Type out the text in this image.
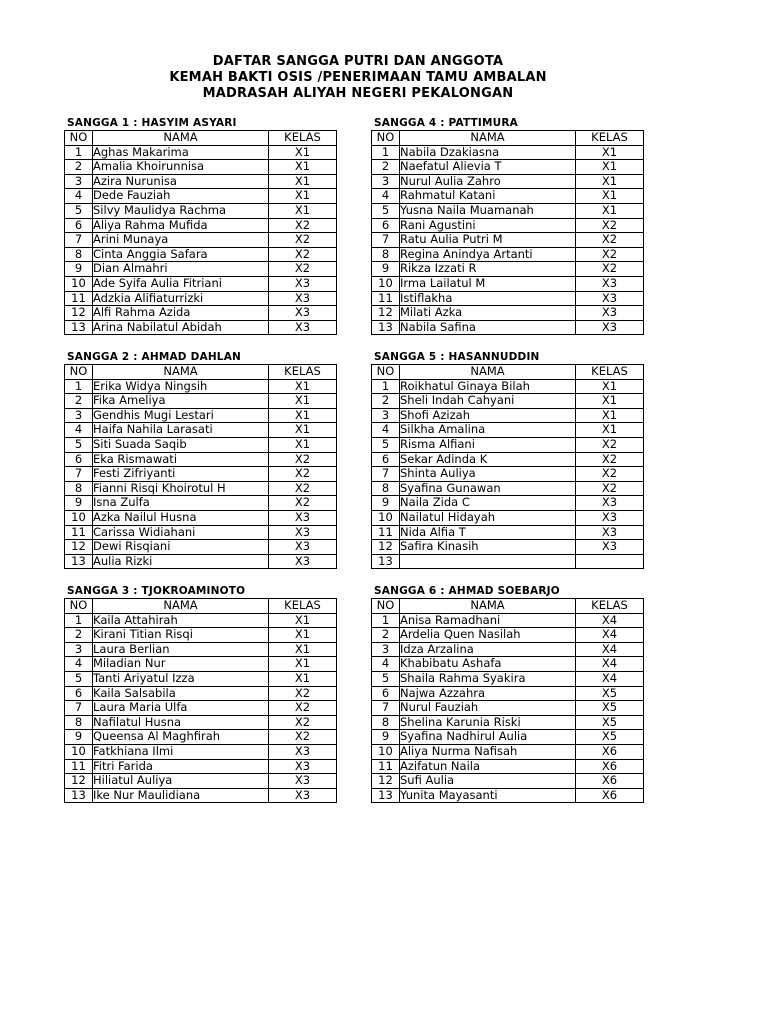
DAFTAR SANGGA PUTRI DAN ANGGOTA
KEMAH BAKTI OSIS /PENERIMAAN TAMU AMBALAN
MADRASAH ALIYAH NEGERI PEKALONGAN
SANGGA 1 : HASYIM ASYARI
NO	NAMA	KELAS
1	Aghas Makarima	X1
2	Amalia Khoirunnisa	X1
3	Azira Nurunisa	X1
4	Dede Fauziah	X1
5	Silvy Maulidya Rachma	X1
6	Aliya Rahma Mufida	X2
7	Arini Munaya	X2
8	Cinta Anggia Safara	X2
9	Dian Almahri	X2
10	Ade Syifa Aulia Fitriani	X3
11	Adzkia Alifiaturrizki	X3
12	Alfi Rahma Azida	X3
13	Arina Nabilatul Abidah	X3
SANGGA 4 : PATTIMURA
NO	NAMA	KELAS
1	Nabila Dzakiasna	X1
2	Naefatul Alievia T	X1
3	Nurul Aulia Zahro	X1
4	Rahmatul Katani	X1
5	Yusna Naila Muamanah	X1
6	Rani Agustini	X2
7	Ratu Aulia Putri M	X2
8	Regina Anindya Artanti	X2
9	Rikza Izzati R	X2
10	Irma Lailatul M	X3
11	Istiflakha	X3
12	Milati Azka	X3
13	Nabila Safina	X3
SANGGA 2 : AHMAD DAHLAN
NO	NAMA	KELAS
1	Erika Widya Ningsih	X1
2	Fika Ameliya	X1
3	Gendhis Mugi Lestari	X1
4	Haifa Nahila Larasati	X1
5	Siti Suada Saqib	X1
6	Eka Rismawati	X2
7	Festi Zifriyanti	X2
8	Fianni Risqi Khoirotul H	X2
9	Isna Zulfa	X2
10	Azka Nailul Husna	X3
11	Carissa Widiahani	X3
12	Dewi Risqiani	X3
13	Aulia Rizki	X3
SANGGA 5 : HASANNUDDIN
NO	NAMA	KELAS
1	Roikhatul Ginaya Bilah	X1
2	Sheli Indah Cahyani	X1
3	Shofi Azizah	X1
4	Silkha Amalina	X1
5	Risma Alfiani	X2
6	Sekar Adinda K	X2
7	Shinta Auliya	X2
8	Syafina Gunawan	X2
9	Naila Zida C	X3
10	Nailatul Hidayah	X3
11	Nida Alfia T	X3
12	Safira Kinasih	X3
13		
SANGGA 3 : TJOKROAMINOTO
NO	NAMA	KELAS
1	Kaila Attahirah	X1
2	Kirani Titian Risqi	X1
3	Laura Berlian	X1
4	Miladian Nur	X1
5	Tanti Ariyatul Izza	X1
6	Kaila Salsabila	X2
7	Laura Maria Ulfa	X2
8	Nafilatul Husna	X2
9	Queensa Al Maghfirah	X2
10	Fatkhiana Ilmi	X3
11	Fitri Farida	X3
12	Hiliatul Auliya	X3
13	Ike Nur Maulidiana	X3
SANGGA 6 : AHMAD SOEBARJO
NO	NAMA	KELAS
1	Anisa Ramadhani	X4
2	Ardelia Quen Nasilah	X4
3	Idza Arzalina	X4
4	Khabibatu Ashafa	X4
5	Shaila Rahma Syakira	X4
6	Najwa Azzahra	X5
7	Nurul Fauziah	X5
8	Shelina Karunia Riski	X5
9	Syafina Nadhirul Aulia	X5
10	Aliya Nurma Nafisah	X6
11	Azifatun Naila	X6
12	Sufi Aulia	X6
13	Yunita Mayasanti	X6
